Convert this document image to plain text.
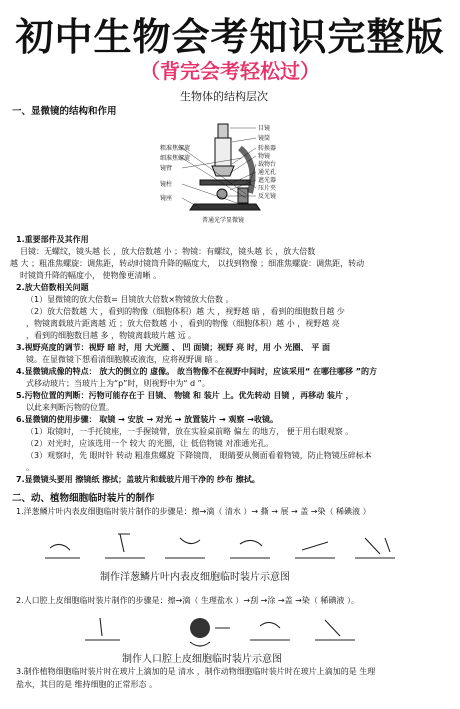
初中生物会考知识完整版
（背完会考轻松过）
生物体的结构层次
一、显微镜的结构和作用
目镜
镜筒
转换器
物镜
载物台
通光孔
遮光器
压片夹
反光镜
粗准焦螺旋
细准焦螺旋
镜臂
镜柱
镜座
普通光学显微镜
1.重要部件及其作用
目镜：无螺纹，镜头越 长 ，放大倍数越 小 ；物镜：有螺纹，镜头越 长 ，放大倍数
越 大 ；粗准焦螺旋：调焦距，转动时镜筒升降的幅度大， 以找到物像 ；细准焦螺旋：调焦距，转动
时镜筒升降的幅度小， 使物像更清晰 。
2.放大倍数相关问题
（1）显微镜的放大倍数= 目镜放大倍数×物镜放大倍数 。
（2）放大倍数越 大 ，看到的物像（细胞体积）越 大 ，视野越 暗 ，看到的细胞数目越 少
，物镜离载玻片距离越 近 ；放大倍数越 小 ，看到的物像（细胞体积）越 小 ，视野越 亮
，看到的细胞数目越 多 ，物镜离载玻片越 远 。
3.视野亮度的调节：视野 暗 时，用 大光圈 、 凹 面镜；视野 亮 时，用 小 光圈、 平 面
镜。在显微镜下想看清细胞膜或液泡，应将视野调 暗 。
4.显微镜成像的特点： 放大的倒立的 虚像。 故当物像不在视野中间时，应该采用“ 在哪往哪移 ”的方
式移动玻片；当玻片上为“p”时，则视野中为“ d ”。
5.污物位置的判断：污物可能存在于 目镜、 物镜 和 装片 上。优先转动 目镜 ，再移动 装片 ，
以此来判断污物的位置。
6.显微镜的使用步骤： 取镜 → 安放 → 对光 → 放置装片 → 观察 →收镜。
（1）取镜时，一手托镜座，一手握镜臂，放在实验桌前略 偏左 的地方， 便于用右眼观察 。
（2）对光时，应该选用一个 较大 的光圈，让 低倍物镜 对准通光孔。
（3）观察时，先 眼时针 转动 粗准焦螺旋 下降镜筒， 眼睛要从侧面看着物镜，防止物镜压碎标本
。
7.显微镜头要用 擦镜纸 擦拭；盖玻片和载玻片用干净的 纱布 擦拭。
二、动、植物细胞临时装片的制作
1.洋葱鳞片叶内表皮细胞临时装片制作的步骤是：擦→滴（ 清水 ）→ 撕 → 展 → 盖 →染（ 稀碘液 ）
制作洋葱鳞片叶内表皮细胞临时装片示意图
2.人口腔上皮细胞临时装片制作的步骤是：擦→滴（ 生理盐水 ）→刮 →涂 →盖 →染（ 稀碘液 ）。
制作人口腔上皮细胞临时装片示意图
3.制作植物细胞临时装片时在玻片上滴加的是 清水 ，制作动物细胞临时装片时在玻片上滴加的是 生理
盐水，其目的是 维持细胞的正常形态 。
